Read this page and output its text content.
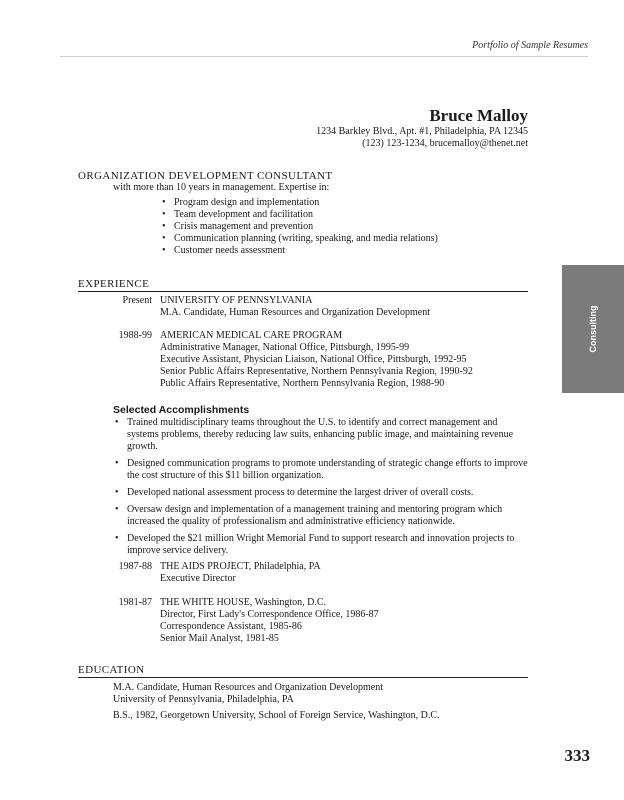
Portfolio of Sample Resumes
Consulting
Bruce Malloy
1234 Barkley Blvd., Apt. #1, Philadelphia, PA 12345
(123) 123-1234, brucemalloy@thenet.net
ORGANIZATION DEVELOPMENT CONSULTANT
with more than 10 years in management. Expertise in:
• Program design and implementation
• Team development and facilitation
• Crisis management and prevention
• Communication planning (writing, speaking, and media relations)
• Customer needs assessment
EXPERIENCE
Present UNIVERSITY OF PENNSYLVANIA
M.A. Candidate, Human Resources and Organization Development
1988-99 AMERICAN MEDICAL CARE PROGRAM
Administrative Manager, National Office, Pittsburgh, 1995-99
Executive Assistant, Physician Liaison, National Office, Pittsburgh, 1992-95
Senior Public Affairs Representative, Northern Pennsylvania Region, 1990-92
Public Affairs Representative, Northern Pennsylvania Region, 1988-90
Selected Accomplishments
• Trained multidisciplinary teams throughout the U.S. to identify and correct management and systems problems, thereby reducing law suits, enhancing public image, and maintaining revenue growth.
• Designed communication programs to promote understanding of strategic change efforts to improve the cost structure of this $11 billion organization.
• Developed national assessment process to determine the largest driver of overall costs.
• Oversaw design and implementation of a management training and mentoring program which increased the quality of professionalism and administrative efficiency nationwide.
• Developed the $21 million Wright Memorial Fund to support research and innovation projects to improve service delivery.
1987-88 THE AIDS PROJECT, Philadelphia, PA
Executive Director
1981-87 THE WHITE HOUSE, Washington, D.C.
Director, First Lady's Correspondence Office, 1986-87
Correspondence Assistant, 1985-86
Senior Mail Analyst, 1981-85
EDUCATION
M.A. Candidate, Human Resources and Organization Development
University of Pennsylvania, Philadelphia, PA
B.S., 1982, Georgetown University, School of Foreign Service, Washington, D.C.
333
